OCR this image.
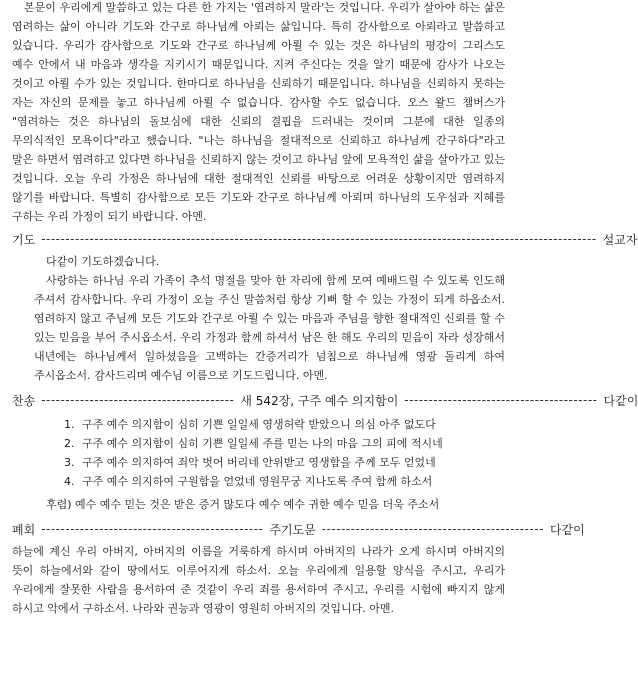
본문이 우리에게 말씀하고 있는 다른 한 가지는 '염려하지 말라'는 것입니다. 우리가 살아야 하는 삶은 염려하는 삶이 아니라 기도와 간구로 하나님께 아뢰는 삶입니다. 특히 감사함으로 아뢰라고 말씀하고 있습니다. 우리가 감사함으로 기도와 간구로 하나님께 아뢸 수 있는 것은 하나님의 평강이 그리스도 예수 안에서 내 마음과 생각을 지키시기 때문입니다. 지켜 주신다는 것을 알기 때문에 감사가 나오는 것이고 아뢸 수가 있는 것입니다. 한마디로 하나님을 신뢰하기 때문입니다. 하나님을 신뢰하지 못하는 자는 자신의 문제를 놓고 하나님께 아뢸 수 없습니다. 감사할 수도 없습니다. 오스 왈드 챔버스가 "염려하는 것은 하나님의 돌보심에 대한 신뢰의 결핍을 드러내는 것이며 그분에 대한 일종의 무의식적인 모욕이다"라고 했습니다. "나는 하나님을 절대적으로 신뢰하고 하나님께 간구하다"라고 말은 하면서 염려하고 있다면 하나님을 신뢰하지 않는 것이고 하나님 앞에 모욕적인 삶을 살아가고 있는 것입니다. 오늘 우리 가정은 하나님에 대한 절대적인 신뢰를 바탕으로 어려운 상황이지만 염려하지 않기를 바랍니다. 특별히 감사함으로 모든 기도와 간구로 하나님께 아뢰며 하나님의 도우심과 지혜를 구하는 우리 가정이 되기 바랍니다. 아멘.

기 도 ------------------------------------------------------------------------------------------------------------------- 설 교 자

다같이 기도하겠습니다.

사랑하는 하나님 우리 가족이 추석 명절을 맞아 한 자리에 함께 모여 예배드릴 수 있도록 인도해 주셔서 감사합니다. 우리 가정이 오늘 주신 말씀처럼 항상 기뻐 할 수 있는 가정이 되게 하옵소서. 염려하지 않고 주님께 모든 기도와 간구로 아뢸 수 있는 마음과 주님을 향한 절대적인 신뢰를 할 수 있는 믿음을 부어 주시옵소서. 우리 가정과 함께 하셔서 남은 한 해도 우리의 믿음이 자라 성장해서 내년에는 하나님께서 일하셨음을 고백하는 간증거리가 넘침으로 하나님께 영광 돌리게 하여 주시옵소서. 감사드리며 예수님 이름으로 기도드립니다. 아멘.

찬 송 ---------------------------------------- 새 542장, 구주 예수 의지함이 ---------------------------------------- 다 같 이
1. 구주 예수 의지함이 심히 기쁜 일일세 영생허락 받았으니 의심 아주 없도다
2. 구주 예수 의지함이 심히 기쁜 일일세 주를 믿는 나의 마음 그의 피에 적시네
3. 구주 예수 의지하여 죄악 벗어 버리네 안위받고 영생함을 주께 모두 얻었네
4. 구주 예수 의지하여 구원함을 얻었네 영원무궁 지나도록 주여 함께 하소서

후렴) 예수 예수 믿는 것은 받은 증거 많도다 예수 예수 귀한 예수 믿음 더욱 주소서

폐 회 ---------------------------------------------- 주기도문 ---------------------------------------------- 다 같 이

하늘에 계신 우리 아버지, 아버지의 이름을 거룩하게 하시며 아버지의 나라가 오게 하시며 아버지의 뜻이 하늘에서와 같이 땅에서도 이루어지게 하소서. 오늘 우리에게 일용할 양식을 주시고, 우리가 우리에게 잘못한 사람을 용서하여 준 것같이 우리 죄를 용서하여 주시고, 우리를 시험에 빠지지 않게 하시고 악에서 구하소서. 나라와 권능과 영광이 영원히 아버지의 것입니다. 아멘.
